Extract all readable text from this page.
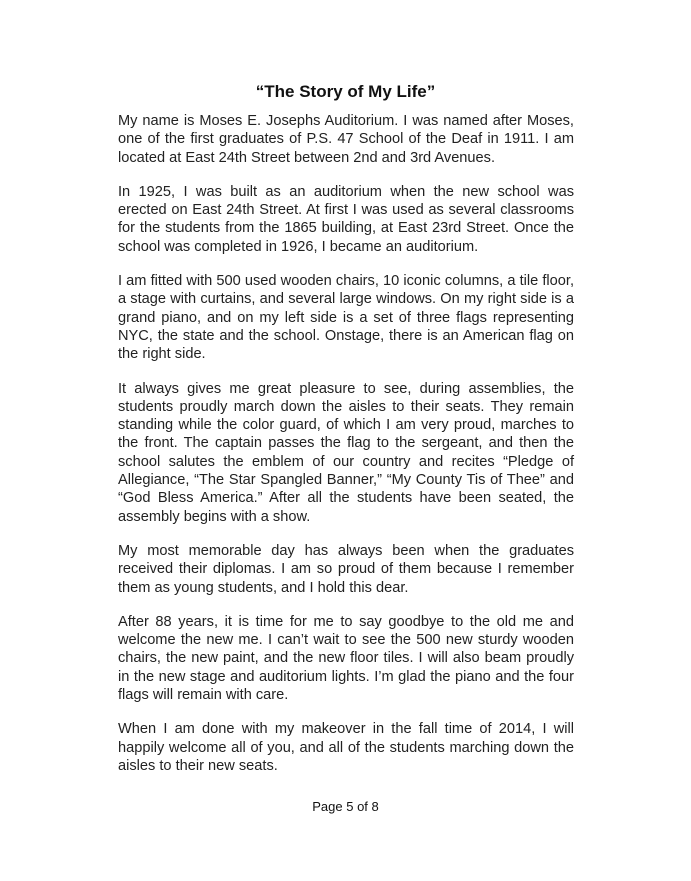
“The Story of My Life”

My name is Moses E. Josephs Auditorium. I was named after Moses, one of the first graduates of P.S. 47 School of the Deaf in 1911. I am located at East 24th Street between 2nd and 3rd Avenues.

In 1925, I was built as an auditorium when the new school was erected on East 24th Street. At first I was used as several classrooms for the students from the 1865 building, at East 23rd Street. Once the school was completed in 1926, I became an auditorium.

I am fitted with 500 used wooden chairs, 10 iconic columns, a tile floor, a stage with curtains, and several large windows. On my right side is a grand piano, and on my left side is a set of three flags representing NYC, the state and the school. Onstage, there is an American flag on the right side.

It always gives me great pleasure to see, during assemblies, the students proudly march down the aisles to their seats. They remain standing while the color guard, of which I am very proud, marches to the front. The captain passes the flag to the sergeant, and then the school salutes the emblem of our country and recites “Pledge of Allegiance, “The Star Spangled Banner,” “My County Tis of Thee” and “God Bless America.” After all the students have been seated, the assembly begins with a show.

My most memorable day has always been when the graduates received their diplomas. I am so proud of them because I remember them as young students, and I hold this dear.

After 88 years, it is time for me to say goodbye to the old me and welcome the new me. I can’t wait to see the 500 new sturdy wooden chairs, the new paint, and the new floor tiles. I will also beam proudly in the new stage and auditorium lights. I’m glad the piano and the four flags will remain with care.

When I am done with my makeover in the fall time of 2014, I will happily welcome all of you, and all of the students marching down the aisles to their new seats.

Page 5 of 8
